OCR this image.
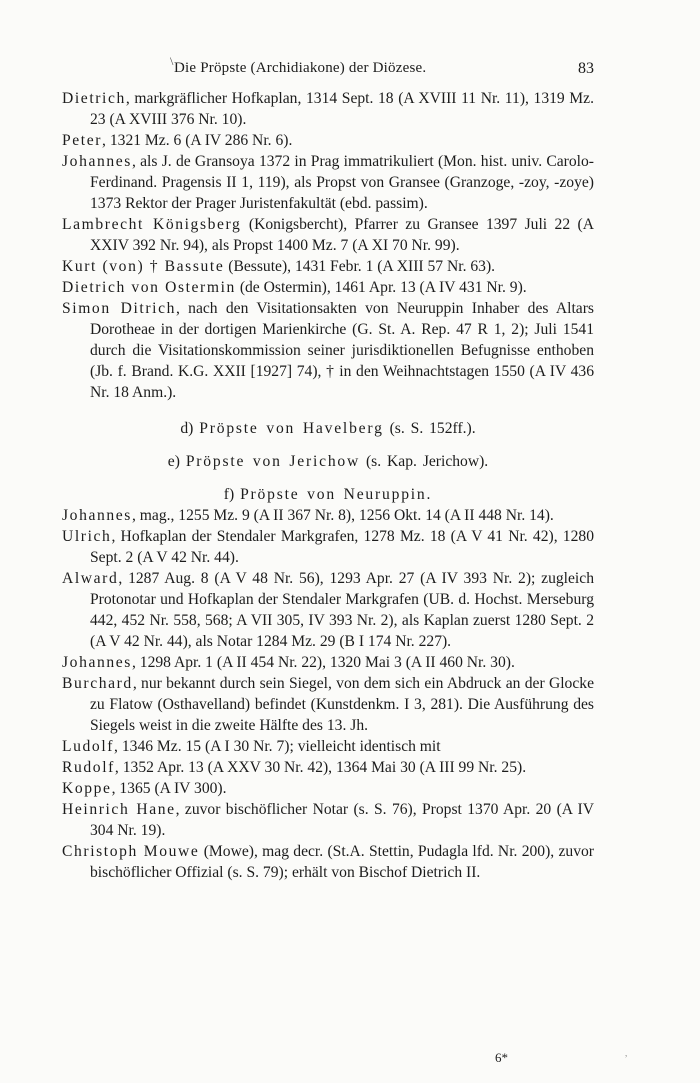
\ Die Pröpste (Archidiakone) der Diözese.	83

Dietrich, markgräflicher Hofkaplan, 1314 Sept. 18 (A XVIII 11 Nr. 11), 1319 Mz. 23 (A XVIII 376 Nr. 10).

Peter, 1321 Mz. 6 (A IV 286 Nr. 6).

Johannes, als J. de Gransoya 1372 in Prag immatrikuliert (Mon. hist. univ. Carolo-Ferdinand. Pragensis II 1, 119), als Propst von Gransee (Granzoge, -zoy, -zoye) 1373 Rektor der Prager Juristenfakultät (ebd. passim).

Lambrecht Königsberg (Konigsbercht), Pfarrer zu Gransee 1397 Juli 22 (A XXIV 392 Nr. 94), als Propst 1400 Mz. 7 (A XI 70 Nr. 99).

Kurt (von) † Bassute (Bessute), 1431 Febr. 1 (A XIII 57 Nr. 63).

Dietrich von Ostermin (de Ostermin), 1461 Apr. 13 (A IV 431 Nr. 9).

Simon Ditrich, nach den Visitationsakten von Neuruppin Inhaber des Altars Dorotheae in der dortigen Marienkirche (G. St. A. Rep. 47 R 1, 2); Juli 1541 durch die Visitationskommission seiner jurisdiktionellen Befugnisse enthoben (Jb. f. Brand. K.G. XXII [1927] 74), † in den Weihnachtstagen 1550 (A IV 436 Nr. 18 Anm.).

d) Pröpste von Havelberg (s. S. 152ff.).

e) Pröpste von Jerichow (s. Kap. Jerichow).

f) Pröpste von Neuruppin.

Johannes, mag., 1255 Mz. 9 (A II 367 Nr. 8), 1256 Okt. 14 (A II 448 Nr. 14).

Ulrich, Hofkaplan der Stendaler Markgrafen, 1278 Mz. 18 (A V 41 Nr. 42), 1280 Sept. 2 (A V 42 Nr. 44).

Alward, 1287 Aug. 8 (A V 48 Nr. 56), 1293 Apr. 27 (A IV 393 Nr. 2); zugleich Protonotar und Hofkaplan der Stendaler Markgrafen (UB. d. Hochst. Merseburg 442, 452 Nr. 558, 568; A VII 305, IV 393 Nr. 2), als Kaplan zuerst 1280 Sept. 2 (A V 42 Nr. 44), als Notar 1284 Mz. 29 (B I 174 Nr. 227).

Johannes, 1298 Apr. 1 (A II 454 Nr. 22), 1320 Mai 3 (A II 460 Nr. 30).

Burchard, nur bekannt durch sein Siegel, von dem sich ein Abdruck an der Glocke zu Flatow (Osthavelland) befindet (Kunstdenkm. I 3, 281). Die Ausführung des Siegels weist in die zweite Hälfte des 13. Jh.

Ludolf, 1346 Mz. 15 (A I 30 Nr. 7); vielleicht identisch mit

Rudolf, 1352 Apr. 13 (A XXV 30 Nr. 42), 1364 Mai 30 (A III 99 Nr. 25).

Koppe, 1365 (A IV 300).

Heinrich Hane, zuvor bischöflicher Notar (s. S. 76), Propst 1370 Apr. 20 (A IV 304 Nr. 19).

Christoph Mouwe (Mowe), mag decr. (St.A. Stettin, Pudagla lfd. Nr. 200), zuvor bischöflicher Offizial (s. S. 79); erhält von Bischof Dietrich II.

6*	,
